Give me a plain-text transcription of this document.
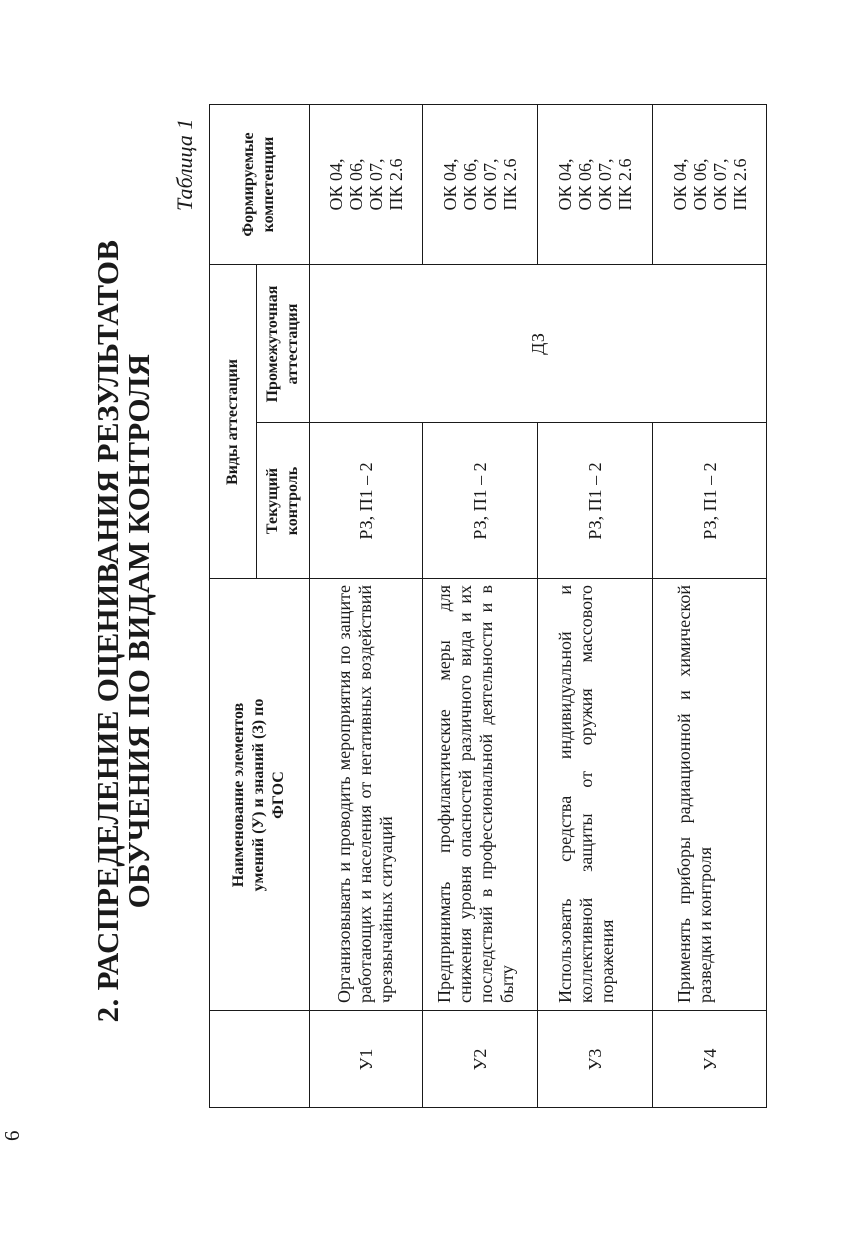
6
2. РАСПРЕДЕЛЕНИЕ ОЦЕНИВАНИЯ РЕЗУЛЬТАТОВ ОБУЧЕНИЯ ПО ВИДАМ КОНТРОЛЯ
Таблица 1
Наименование элементов умений (У) и знаний (З) по ФГОС
Виды аттестации
Текущий контроль
Промежуточная аттестация
Формируемые компетенции
У1
Организовывать и проводить мероприятия по защите работающих и населения от негативных воздействий чрезвычайных ситуаций
РЗ, П1 – 2
ОК 04, ОК 06, ОК 07, ПК 2.6
У2
Предпринимать профилактические меры для снижения уровня опасностей различного вида и их последствий в профессиональной деятельности и в быту
РЗ, П1 – 2
ОК 04, ОК 06, ОК 07, ПК 2.6
У3
Использовать средства индивидуальной и коллективной защиты от оружия массового поражения
РЗ, П1 – 2
ОК 04, ОК 06, ОК 07, ПК 2.6
У4
Применять приборы радиационной и химической разведки и контроля
РЗ, П1 – 2
ОК 04, ОК 06, ОК 07, ПК 2.6
ДЗ
